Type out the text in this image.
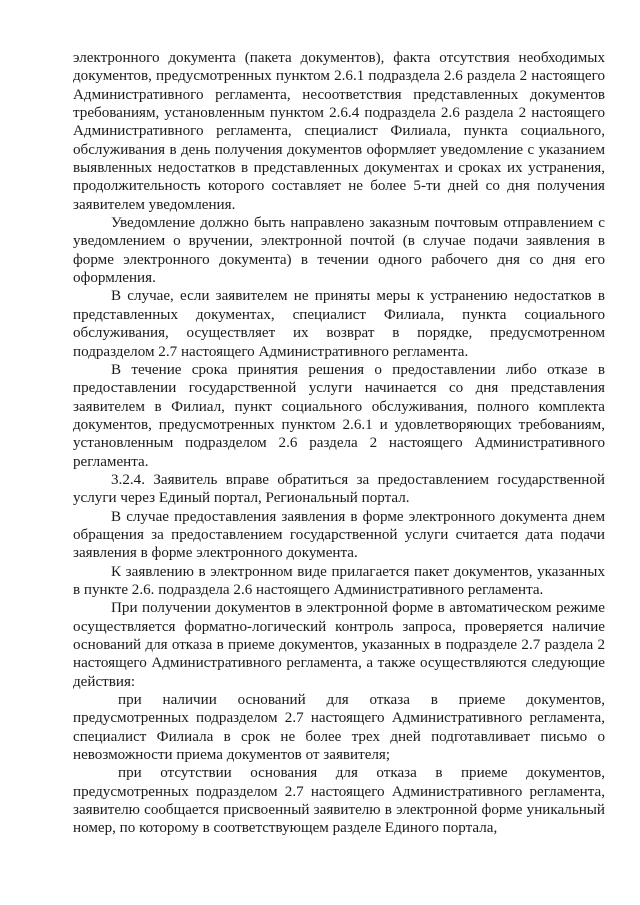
электронного документа (пакета документов), факта отсутствия необходимых документов, предусмотренных пунктом 2.6.1 подраздела 2.6 раздела 2 настоящего Административного регламента, несоответствия представленных документов требованиям, установленным пунктом 2.6.4 подраздела 2.6 раздела 2 настоящего Административного регламента, специалист Филиала, пункта социального, обслуживания в день получения документов оформляет уведомление с указанием выявленных недостатков в представленных документах и сроках их устранения, продолжительность которого составляет не более 5-ти дней со дня получения заявителем уведомления.

Уведомление должно быть направлено заказным почтовым отправлением с уведомлением о вручении, электронной почтой (в случае подачи заявления в форме электронного документа) в течении одного рабочего дня со дня его оформления.

В случае, если заявителем не приняты меры к устранению недостатков в представленных документах, специалист Филиала, пункта социального обслуживания, осуществляет их возврат в порядке, предусмотренном подразделом 2.7 настоящего Административного регламента.

В течение срока принятия решения о предоставлении либо отказе в предоставлении государственной услуги начинается со дня представления заявителем в Филиал, пункт социального обслуживания, полного комплекта документов, предусмотренных пунктом 2.6.1 и удовлетворяющих требованиям, установленным подразделом 2.6 раздела 2 настоящего Административного регламента.

3.2.4. Заявитель вправе обратиться за предоставлением государственной услуги через Единый портал, Региональный портал.

В случае предоставления заявления в форме электронного документа днем обращения за предоставлением государственной услуги считается дата подачи заявления в форме электронного документа.

К заявлению в электронном виде прилагается пакет документов, указанных в пункте 2.6. подраздела 2.6 настоящего Административного регламента.

При получении документов в электронной форме в автоматическом режиме осуществляется форматно-логический контроль запроса, проверяется наличие оснований для отказа в приеме документов, указанных в подразделе 2.7 раздела 2 настоящего Административного регламента, а также осуществляются следующие действия:

при наличии оснований для отказа в приеме документов, предусмотренных подразделом 2.7 настоящего Административного регламента, специалист Филиала в срок не более трех дней подготавливает письмо о невозможности приема документов от заявителя;

при отсутствии основания для отказа в приеме документов, предусмотренных подразделом 2.7 настоящего Административного регламента, заявителю сообщается присвоенный заявителю в электронной форме уникальный номер, по которому в соответствующем разделе Единого портала,
